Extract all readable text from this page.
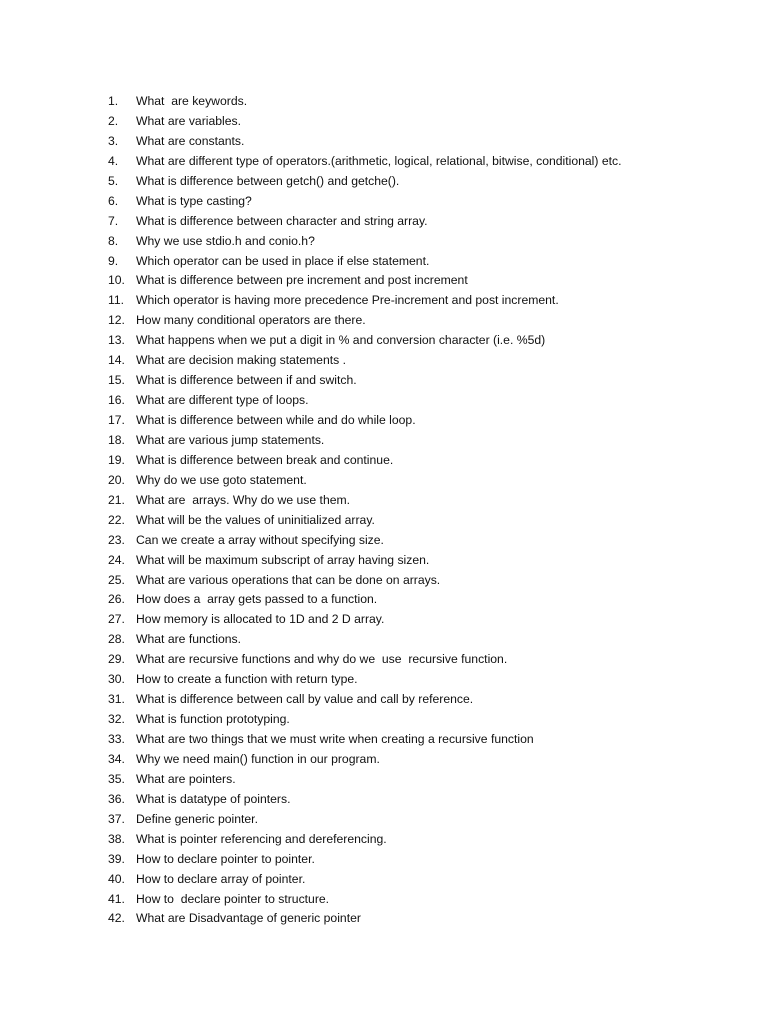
1.	What  are keywords.
2.	What are variables.
3.	What are constants.
4.	What are different type of operators.(arithmetic, logical, relational, bitwise, conditional) etc.
5.	What is difference between getch() and getche().
6.	What is type casting?
7.	What is difference between character and string array.
8.	Why we use stdio.h and conio.h?
9.	Which operator can be used in place if else statement.
10. What is difference between pre increment and post increment
11. Which operator is having more precedence Pre-increment and post increment.
12. How many conditional operators are there.
13. What happens when we put a digit in % and conversion character (i.e. %5d)
14. What are decision making statements .
15. What is difference between if and switch.
16. What are different type of loops.
17. What is difference between while and do while loop.
18. What are various jump statements.
19. What is difference between break and continue.
20. Why do we use goto statement.
21. What are  arrays. Why do we use them.
22. What will be the values of uninitialized array.
23. Can we create a array without specifying size.
24. What will be maximum subscript of array having sizen.
25. What are various operations that can be done on arrays.
26. How does a  array gets passed to a function.
27. How memory is allocated to 1D and 2 D array.
28. What are functions.
29. What are recursive functions and why do we  use  recursive function.
30. How to create a function with return type.
31. What is difference between call by value and call by reference.
32. What is function prototyping.
33. What are two things that we must write when creating a recursive function
34. Why we need main() function in our program.
35. What are pointers.
36. What is datatype of pointers.
37. Define generic pointer.
38. What is pointer referencing and dereferencing.
39. How to declare pointer to pointer.
40. How to declare array of pointer.
41. How to  declare pointer to structure.
42. What are Disadvantage of generic pointer
